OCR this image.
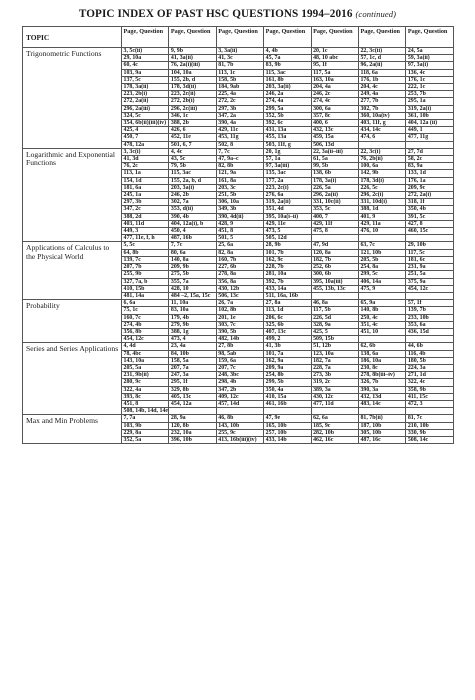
TOPIC INDEX OF PAST HSC QUESTIONS 1994–2016 (continued)
TOPIC	Page, Question	Page, Question	Page, Question	Page, Question	Page, Question	Page, Question	Page, Question
Trigonometric Functions	3, 5c(ii)	9, 9b	3, 3a(ii)	4, 4b	20, 1c	22, 3c(ii)	24, 5a
	29, 10a	41, 3a(ii)	41, 3c	45, 7a	48, 10 abc	57, 1c, d	59, 3a(ii)
	60, 4c	76, 2a(i)(iii)	81, 7b	83, 9b	95, 1f	96, 2a(ii)	97, 3a(i)
	103, 9a	104, 10a	113, 1c	115, 3ac	117, 5a	118, 6a	136, 4c
	137, 5c	155, 2b, d	158, 5b	161, 8b	163, 10a	176, 1b	176, 1c
	178, 3a(ii)	178, 3d(ii)	184, 9ab	203, 3a(ii)	204, 4a	204, 4c	222, 1c
	223, 2b(i)	223, 2c(ii)	225, 4a	246, 2a	246, 2c	249, 4a	253, 7b
	272, 2a(ii)	272, 2b(i)	272, 2c	274, 4a	274, 4c	277, 7b	295, 1a
	296, 2a(iii)	296, 2c(iii)	297, 3b	299, 5a	300, 6a	302, 7b	319, 2a(i)
	324, 5c	346, 1c	347, 2a	352, 5b	357, 8c	360, 10a(iv)	361, 10b
	354, 6b(ii)(iii)(iv)	388, 2b	390, 4a	392, 6c	400, 6	403, 11f, g	404, 12a (ii)
	425, 4	426, 6	429, 11c	431, 13a	432, 13c	434, 14c	449, 1
	450, 7	452, 11e	453, 11g	455, 13a	459, 15a	474, 6	477, 11g
	478, 12a	501, 6, 7	502, 8	503, 11f, g	506, 13d		
Logarithmic and Exponential Functions	3, 3c(i)	4, 4c	7, 7c	20, 1g	22, 3a(ii–iii)	22, 3c(i)	27, 7d
	41, 3d	43, 5c	47, 9a–c	57, 1a	61, 5a	76, 2b(ii)	58, 2c
	76, 2c	79, 5b	82, 8b	97, 3a(iii)	99, 5b	100, 6a	83, 9a
	113, 1a	115, 3ac	121, 9a	135, 3ac	138, 6b	142, 9b	133, 1d
	154, 1d	155, 2a, b, d	161, 8a	177, 2a	178, 3a(i)	178, 3d(i)	176, 1a
	181, 6a	203, 3a(i)	203, 3c	223, 2c(i)	226, 5a	226, 5c	209, 9c
	245, 1a	246, 2b	251, 5b	276, 6a	296, 2a(ii)	296, 2c(i)	272, 2a(i)
	297, 3b	302, 7a	306, 10a	319, 2a(ii)	331, 10c(ii)	331, 10d(i)	318, 1f
	347, 2c	353, d(ii)	349, 3b	351, 4d	353, 5c	388, 1d	350, 4b
	388, 2d	390, 4b	390, 4d(ii)	395, 10a(i–ii)	400, 7	401, 9	391, 5c
	403, 11d	404, 12a(i), b	428, 9	429, 11e	429, 11f	429, 11a	427, 8
	449, 3	450, 4	451, 8	473, 5	475, 8	476, 10	460, 15c
	477, 11e, f, h	487, 16b	501, 5	505, 12d			
Applications of Calculus to the Physical World	5, 5c	7, 7c	25, 6a	28, 9b	47, 9d	63, 7c	29, 10b
	64, 8b	80, 6a	82, 8a	101, 7b	120, 8a	121, 10b	117, 5c
	139, 7c	140, 8a	160, 7b	162, 9c	182, 7b	205, 5b	181, 6c
	207, 7b	209, 9b	227, 6b	228, 7b	252, 6b	254, 8a	231, 9a
	255, 9b	275, 5b	278, 8a	281, 10a	300, 6b	299, 5c	251, 5a
	327, 7a, b	355, 7a	356, 8a	392, 7b	395, 10a(iii)	406, 14a	375, 9a
	410, 15b	428, 10	430, 12b	433, 14a	455, 13b, 13c	475, 9	454, 12c
	481, 14a	484 –2, 15a, 15c	506, 13c	511, 16a, 16b			
Probability	6, 6a	11, 10a	26, 7a	27, 8a	46, 8a	65, 9a	57, 1f
	75, 1c	83, 10a	102, 8b	113, 1d	117, 5b	140, 8b	139, 7b
	160, 7c	179, 4b	201, 1e	206, 6c	226, 5d	250, 4c	233, 10b
	274, 4b	279, 9b	303, 7c	325, 6b	328, 9a	351, 4c	353, 6a
	356, 8b	388, 1g	390, 5b	407, 13c	425, 5	451, 10	436, 15d
	454, 12c	473, 4	482, 14b	499, 2	509, 15b		
Series and Series Applications	4, 4d	23, 4a	27, 8b	41, 3b	51, 12b	62, 6b	44, 6b
	78, 4bc	84, 10b	98, 5ab	101, 7a	123, 10a	138, 6a	116, 4b
	143, 10a	158, 5a	159, 6a	162, 9a	182, 7a	186, 10a	180, 5b
	205, 5a	207, 7a	207, 7c	209, 9a	228, 7a	230, 8c	224, 3a
	231, 9b(ii)	247, 3a	248, 3bc	254, 8b	273, 3b	278, 8b(iii–iv)	271, 1d
	280, 9c	295, 1f	298, 4b	299, 5b	319, 2c	326, 7b	322, 4c
	322, 4a	329, 8b	347, 2b	350, 4a	389, 3a	390, 3a	358, 9b
	393, 8c	405, 13c	409, 12c	410, 15a	430, 12c	432, 13d	411, 15c
	451, 8	454, 12a	457, 14d	461, 16b	477, 11d	483, 14c	472, 3
	508, 14b, 14d, 14e						
Max and Min Problems	7, 7a	28, 9a	46, 8b	47, 9e	62, 6a	81, 7b(ii)	81, 7c
	103, 9b	120, 8b	143, 10b	165, 10b	185, 9c	187, 10b	210, 10b
	229, 8a	232, 10a	255, 9c	257, 10b	282, 10b	305, 10b	330, 9b
	352, 5a	396, 10b	413, 16b(iii)(iv)	433, 14b	462, 16c	487, 16c	508, 14c
